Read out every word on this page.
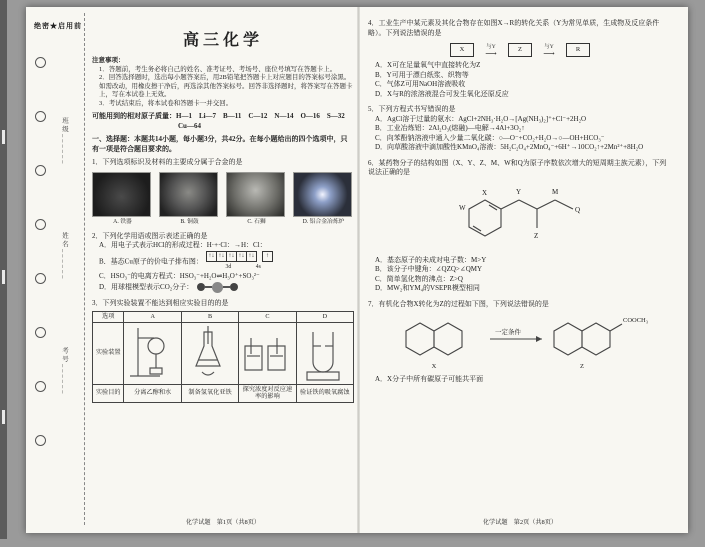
绝密★启用前
班级______
姓名______
考号______
高三化学
注意事项：
1．答题前，考生务必将自己的姓名、准考证号、考场号、座位号填写在答题卡上。
2．回答选择题时，选出每小题答案后，用2B铅笔把答题卡上对应题目的答案标号涂黑。如需改动，用橡皮擦干净后，再选涂其他答案标号。回答非选择题时，将答案写在答题卡上，写在本试卷上无效。
3．考试结束后，将本试卷和答题卡一并交回。
可能用到的相对原子质量：H—1　Li—7　B—11　C—12　N—14　O—16　S—32
Cu—64
一、选择题：本题共14小题，每小题3分，共42分。在每小题给出的四个选项中，只有一项是符合题目要求的。
1．下列选项标识及材料的主要成分属于合金的是
A. 铁器	B. 铜鼓	C. 石狮	D. 铝合金冶炼炉
2．下列化学用语或图示表述正确的是
A．用电子式表示HCl的形成过程：H·+·Cl：→H：Cl：
B．基态Cu原子的价电子排布图：
↑↓ ↑↓ ↑↓ ↑↓ ↑↓	↑
3d	4s
C．HSO₃⁻的电离方程式：HSO₃⁻+H₂O⇌H₃O⁺+SO₃²⁻
D．用球棍模型表示CO₂分子：
3．下列实验装置不能达到相应实验目的的是
选项	A	B	C	D
实验装置	

实验目的	分离乙醇和水	制备氢氧化亚铁	探究浓度对反应速率的影响	验证铁的吸氧腐蚀
4．工业生产中某元素及其化合物存在如图X→R的转化关系（Y为常见单质，生成物及反应条件略）。下列说法错误的是
X	与Y
⟶	Z	与Y
⟶	R
A．X可在足量氧气中直接转化为Z
B．Y可用于漂白纸浆、织物等
C．气体Z可用NaOH溶液吸收
D．X与R的浓溶液混合可发生氧化还原反应
5．下列方程式书写错误的是
A．AgCl溶于过量的氨水：AgCl+2NH₃·H₂O→[Ag(NH₃)₂]⁺+Cl⁻+2H₂O
B．工业冶炼铝：2Al₂O₃(熔融)—电解→4Al+3O₂↑
C．向苯酚钠溶液中通入少量二氧化碳：○—O⁻+CO₂+H₂O→○—OH+HCO₃⁻
D．向草酸溶液中滴加酸性KMnO₄溶液：5H₂C₂O₄+2MnO₄⁻+6H⁺→10CO₂↑+2Mn²⁺+8H₂O
6．某药物分子的结构如图（X、Y、Z、M、W和Q为原子序数依次增大的短周期主族元素），下列说法正确的是
X	Y
Z
M
W	Q
A．基态原子的未成对电子数：M>Y
B．该分子中键角：∠QZQ>∠QMY
C．简单氢化物的沸点：Z>Q
D．MW₂和YM₄的VSEPR模型相同
7．有机化合物X转化为Z的过程如下图，下列说法错误的是
一定条件
X	Z
COOCH₃
A．X分子中所有碳原子可能共平面
化学试题　第1页（共8页）	化学试题　第2页（共8页）
